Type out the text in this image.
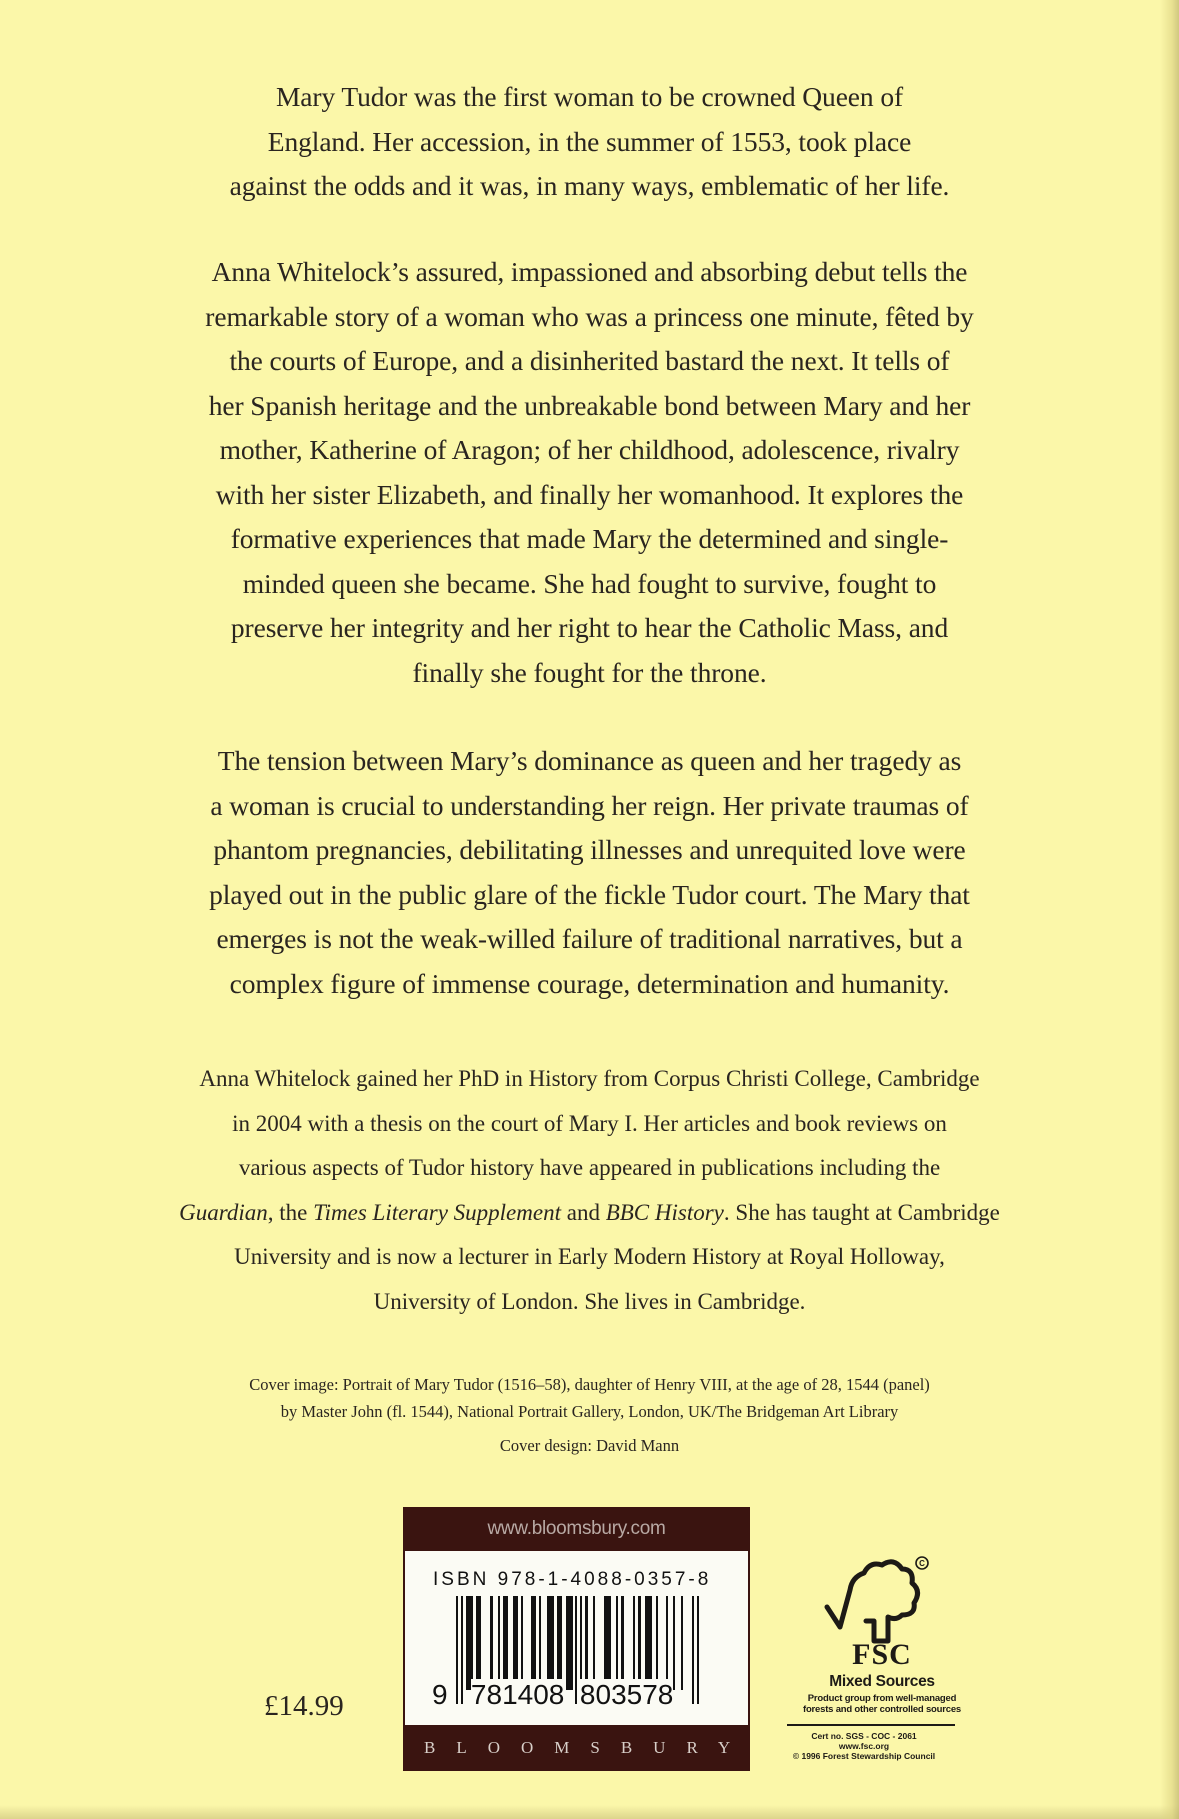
Mary Tudor was the first woman to be crowned Queen of
England. Her accession, in the summer of 1553, took place
against the odds and it was, in many ways, emblematic of her life.
Anna Whitelock’s assured, impassioned and absorbing debut tells the
remarkable story of a woman who was a princess one minute, fêted by
the courts of Europe, and a disinherited bastard the next. It tells of
her Spanish heritage and the unbreakable bond between Mary and her
mother, Katherine of Aragon; of her childhood, adolescence, rivalry
with her sister Elizabeth, and finally her womanhood. It explores the
formative experiences that made Mary the determined and single-
minded queen she became. She had fought to survive, fought to
preserve her integrity and her right to hear the Catholic Mass, and
finally she fought for the throne.
The tension between Mary’s dominance as queen and her tragedy as
a woman is crucial to understanding her reign. Her private traumas of
phantom pregnancies, debilitating illnesses and unrequited love were
played out in the public glare of the fickle Tudor court. The Mary that
emerges is not the weak-willed failure of traditional narratives, but a
complex figure of immense courage, determination and humanity.
Anna Whitelock gained her PhD in History from Corpus Christi College, Cambridge
in 2004 with a thesis on the court of Mary I. Her articles and book reviews on
various aspects of Tudor history have appeared in publications including the
Guardian, the Times Literary Supplement and BBC History. She has taught at Cambridge
University and is now a lecturer in Early Modern History at Royal Holloway,
University of London. She lives in Cambridge.
Cover image: Portrait of Mary Tudor (1516–58), daughter of Henry VIII, at the age of 28, 1544 (panel)
by Master John (fl. 1544), National Portrait Gallery, London, UK/The Bridgeman Art Library
Cover design: David Mann
www.bloomsbury.com
ISBN 978-1-4088-0357-8
9 781408 803578
BLOOMSBURY
£14.99
C
FSC
Mixed Sources
Product group from well-managed
forests and other controlled sources
Cert no. SGS - COC - 2061
www.fsc.org
© 1996 Forest Stewardship Council
